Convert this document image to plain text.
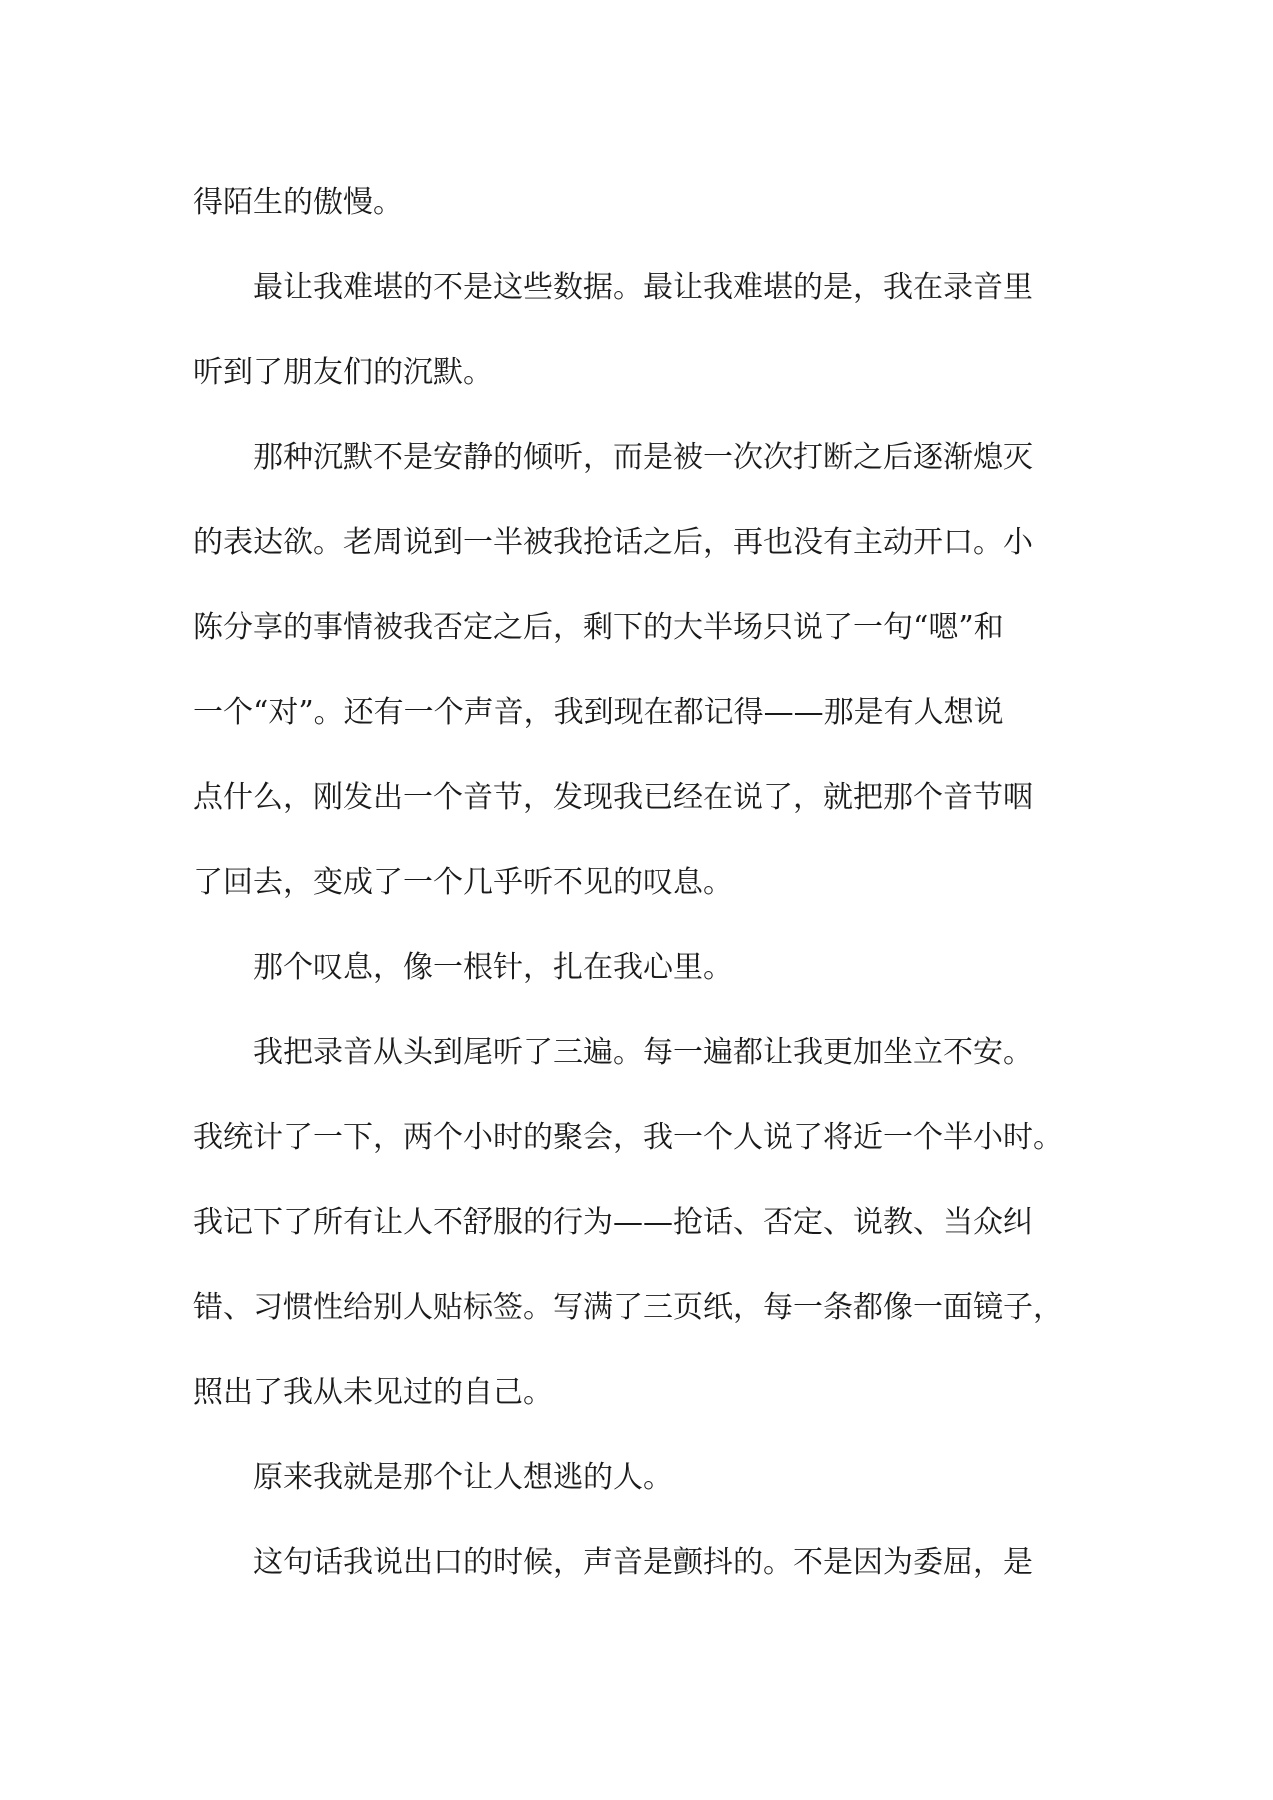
得陌生的傲慢。

最让我难堪的不是这些数据。最让我难堪的是，我在录音里
听到了朋友们的沉默。

那种沉默不是安静的倾听，而是被一次次打断之后逐渐熄灭
的表达欲。老周说到一半被我抢话之后，再也没有主动开口。小
陈分享的事情被我否定之后，剩下的大半场只说了一句“嗯”和
一个“对”。还有一个声音，我到现在都记得——那是有人想说
点什么，刚发出一个音节，发现我已经在说了，就把那个音节咽
了回去，变成了一个几乎听不见的叹息。

那个叹息，像一根针，扎在我心里。

我把录音从头到尾听了三遍。每一遍都让我更加坐立不安。
我统计了一下，两个小时的聚会，我一个人说了将近一个半小时。
我记下了所有让人不舒服的行为——抢话、否定、说教、当众纠
错、习惯性给别人贴标签。写满了三页纸，每一条都像一面镜子，
照出了我从未见过的自己。

原来我就是那个让人想逃的人。

这句话我说出口的时候，声音是颤抖的。不是因为委屈，是
